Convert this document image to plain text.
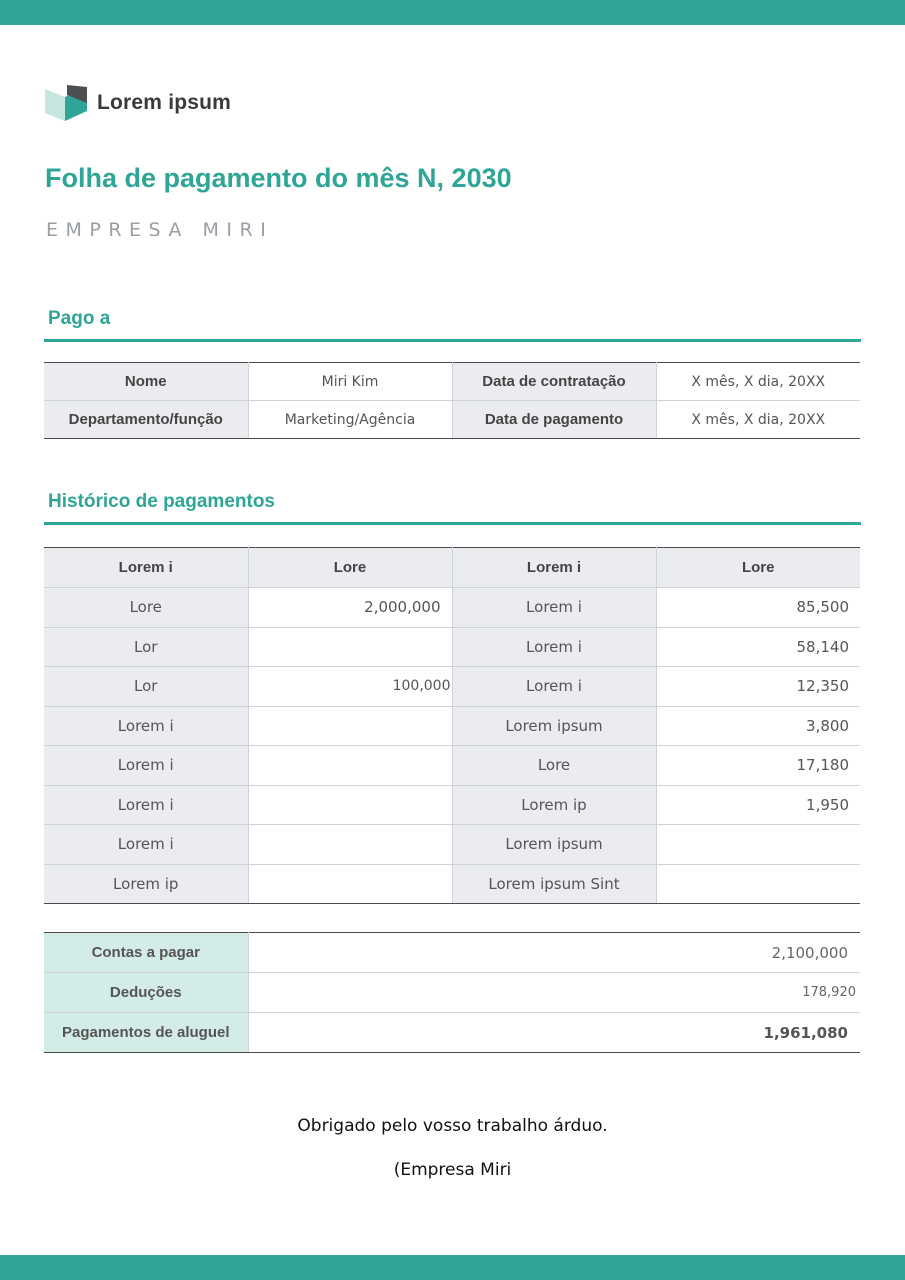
Lorem ipsum
Folha de pagamento do mês N, 2030
EMPRESA MIRI
Pago a
Nome	Miri Kim	Data de contratação	X mês, X dia, 20XX
Departamento/função	Marketing/Agência	Data de pagamento	X mês, X dia, 20XX
Histórico de pagamentos
Lorem i	Lore	Lorem i	Lore
Lore	2,000,000	Lorem i	85,500
Lor		Lorem i	58,140
Lor	100,000	Lorem i	12,350
Lorem i		Lorem ipsum	3,800
Lorem i		Lore	17,180
Lorem i		Lorem ip	1,950
Lorem i		Lorem ipsum	
Lorem ip		Lorem ipsum Sint	
Contas a pagar	2,100,000
Deduções	178,920
Pagamentos de aluguel	1,961,080
Obrigado pelo vosso trabalho árduo.
(Empresa Miri
